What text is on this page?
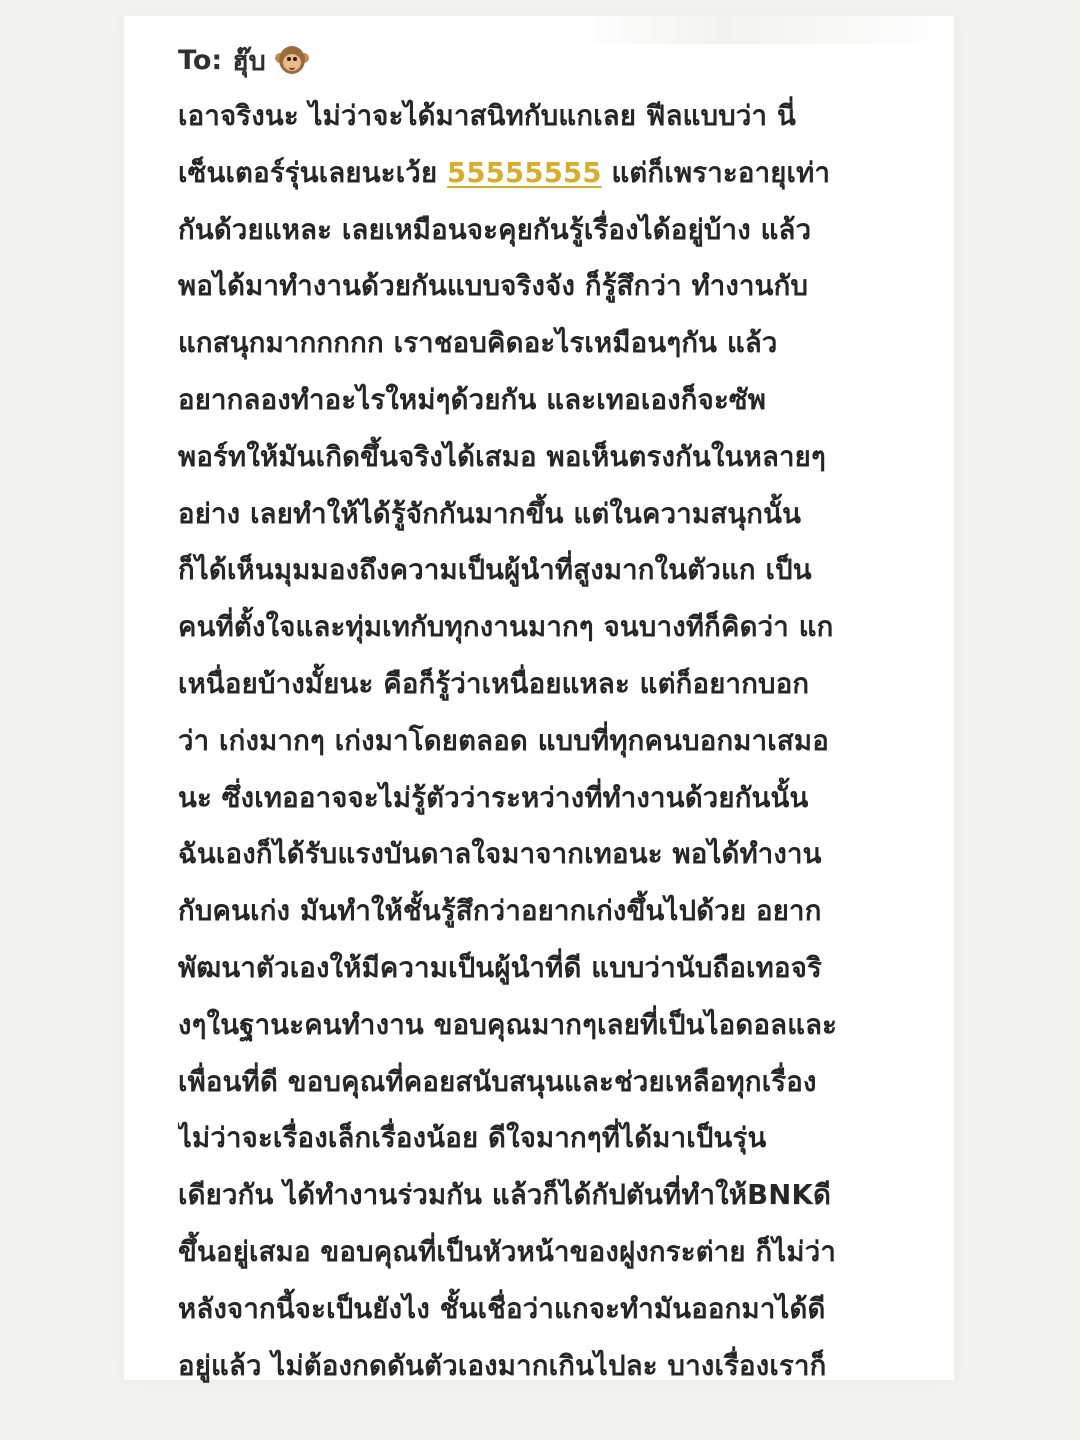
To: ฮุ๊บ
เอาจริงนะ ไม่ว่าจะได้มาสนิทกับแกเลย ฟีลแบบว่า นี่
เซ็นเตอร์รุ่นเลยนะเว้ย 55555555 แต่ก็เพราะอายุเท่า
กันด้วยแหละ เลยเหมือนจะคุยกันรู้เรื่องได้อยู่บ้าง แล้ว
พอได้มาทำงานด้วยกันแบบจริงจัง ก็รู้สึกว่า ทำงานกับ
แกสนุกมากกกกก เราชอบคิดอะไรเหมือนๆกัน แล้ว
อยากลองทำอะไรใหม่ๆด้วยกัน และเทอเองก็จะซัพ
พอร์ทให้มันเกิดขึ้นจริงได้เสมอ พอเห็นตรงกันในหลายๆ
อย่าง เลยทำให้ได้รู้จักกันมากขึ้น แต่ในความสนุกนั้น
ก็ได้เห็นมุมมองถึงความเป็นผู้นำที่สูงมากในตัวแก เป็น
คนที่ตั้งใจและทุ่มเทกับทุกงานมากๆ จนบางทีก็คิดว่า แก
เหนื่อยบ้างมั้ยนะ คือก็รู้ว่าเหนื่อยแหละ แต่ก็อยากบอก
ว่า เก่งมากๆ เก่งมาโดยตลอด แบบที่ทุกคนบอกมาเสมอ
นะ ซึ่งเทออาจจะไม่รู้ตัวว่าระหว่างที่ทำงานด้วยกันนั้น
ฉันเองก็ได้รับแรงบันดาลใจมาจากเทอนะ พอได้ทำงาน
กับคนเก่ง มันทำให้ชั้นรู้สึกว่าอยากเก่งขึ้นไปด้วย อยาก
พัฒนาตัวเองให้มีความเป็นผู้นำที่ดี แบบว่านับถือเทอจริ
งๆในฐานะคนทำงาน ขอบคุณมากๆเลยที่เป็นไอดอลและ
เพื่อนที่ดี ขอบคุณที่คอยสนับสนุนและช่วยเหลือทุกเรื่อง
ไม่ว่าจะเรื่องเล็กเรื่องน้อย ดีใจมากๆที่ได้มาเป็นรุ่น
เดียวกัน ได้ทำงานร่วมกัน แล้วก็ได้กัปตันที่ทำให้BNKดี
ขึ้นอยู่เสมอ ขอบคุณที่เป็นหัวหน้าของฝูงกระต่าย ก็ไม่ว่า
หลังจากนี้จะเป็นยังไง ชั้นเชื่อว่าแกจะทำมันออกมาได้ดี
อยู่แล้ว ไม่ต้องกดดันตัวเองมากเกินไปละ บางเรื่องเราก็
